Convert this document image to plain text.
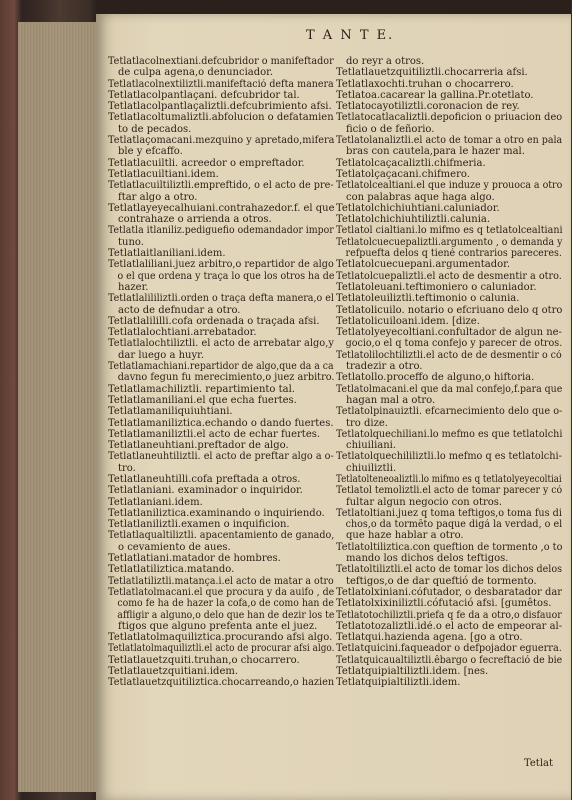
T A N T E.
Tetlatlacolnextiani.defcubridor o manifeftador
de culpa agena,o denunciador.
Tetlatlacolnextiliztli.manifeftació defta manera
Tetlatlacolpantlaçani. defcubridor tal.
Tetlatlacolpantlaçaliztli.defcubrimiento afsi.
Tetlatlacoltumaliztli.abfolucion o defatamien
to de pecados.
Tetlatlaçomacani.mezquino y apretado,mifera
ble y efcaffo.
Tetlatlacuiltli. acreedor o empreftador.
Tetlatlacuiltiani.idem.
Tetlatlacuiltiliztli.empreftido, o el acto de pre-
ftar algo a otro.
Tetlatlayeyecalhuiani.contrahazedor.f. el que
contrahaze o arrienda a otros.
Tetlatla itlaniliz.pediguefio odemandador impor
tuno.
Tetlatlaitlaniliani.idem.
Tetlatlaliliani.juez arbitro,o repartidor de algo
o el que ordena y traça lo que los otros ha de
hazer.
Tetlatlalililiztli.orden o traça defta manera,o el
acto de defnudar a otro.
Tetlatlalililli.cofa ordenada o traçada afsi.
Tetlatlalochtiani.arrebatador.
Tetlatlalochtiliztli. el acto de arrebatar algo,y
dar luego a huyr.
Tetlatlamachiani.repartidor de algo,que da a ca
davno fegun fu merecimiento,o juez arbitro.
Tetlatlamachiliztli. repartimiento tal.
Tetlatlamaniliani.el que echa fuertes.
Tetlatlamaniliquiuhtiani.
Tetlatlamaniliztica.echando o dando fuertes.
Tetlatlamaniliztli.el acto de echar fuertes.
Tetlatlaneuhtiani.preftador de algo.
Tetlatlaneuhtiliztli. el acto de preftar algo a o-
tro.
Tetlatlaneuhtilli.cofa preftada a otros.
Tetlatlaniani. examinador o inquiridor.
Tetlatlaniani.idem.
Tetlatlaniliztica.examinando o inquiriendo.
Tetlatlaniliztli.examen o inquificion.
Tetlatlaqualtiliztli. apacentamiento de ganado,
o cevamiento de aues.
Tetlatlatiani.matador de hombres.
Tetlatlatiliztica.matando.
Tetlatlatiliztli.matança.i.el acto de matar a otro
Tetlatlatolmacani.el que procura y da auifo , de
como fe ha de hazer la cofa,o de como han de
affligir a alguno,o delo que han de dezir los te
ftigos que alguno prefenta ante el juez.
Tetlatlatolmaquiliztica.procurando afsi algo.
Tetlatlatolmaquiliztli.el acto de procurar afsi algo.
Tetlatlauetzquiti.truhan,o chocarrero.
Tetlatlauetzquitiani.idem.
Tetlatlauetzquitiliztica.chocarreando,o hazien
do reyr a otros.
Tetlatlauetzquitiliztli.chocarreria afsi.
Tetlatlaxochti.truhan o chocarrero.
Tetlatoa.cacarear la gallina.Pr.otetlato.
Tetlatocayotiliztli.coronacion de rey.
Tetlatocatlacaliztli.depoficion o priuacion deo
ficio o de feñorio.
Tetlatolanaliztli.el acto de tomar a otro en pala
bras con cautela,para le hazer mal.
Tetlatolcaçacaliztli.chifmeria.
Tetlatolçaçacani.chifmero.
Tetlatolcealtiani.el que induze y prouoca a otro
con palabras aque haga algo.
Tetlatolchichiuhtiani.caluniador.
Tetlatolchichiuhtiliztli.calunia.
Tetlatol cialtiani.lo mifmo es q tetlatolcealtiani
Tetlatolcuecuepaliztli.argumento , o demanda y
refpuefta delos q tiené contrarios pareceres.
Tetlatolcuecuepani.argumentador.
Tetlatolcuepaliztli.el acto de desmentir a otro.
Tetlatoleuani.teftimoniero o caluniador.
Tetlatoleuiliztli.teftimonio o calunia.
Tetlatolicuilo. notario o efcriuano delo q otro
Tetlatolicuiloani.idem. [dize.
Tetlatolyeyecoltiani.confultador de algun ne-
gocio,o el q toma confejo y parecer de otros.
Tetlatolilochtiliztli.el acto de de desmentir o có
tradezir a otro.
Tetlatollo.proceffo de alguno,o hiftoria.
Tetlatolmacani.el que da mal confejo,f.para que
hagan mal a otro.
Tetlatolpinauiztli. efcarnecimiento delo que o-
tro dize.
Tetlatolquechiliani.lo mefmo es que tetlatolchi
chiuiliani.
Tetlatolquechililiztli.lo mefmo q es tetlatolchi-
chiuiliztli.
Tetlatolteneoaliztli.lo mifmo es q tetlatolyeyecoltiai
Tetlatol temoliztli.el acto de tomar parecer y có
fultar algun negocio con otros.
Tetlatoltiani.juez q toma teftigos,o toma fus di
chos,o da tormêto paque digá la verdad, o el
que haze hablar a otro.
Tetlatoltiliztica.con queftion de tormento ,o to
mando los dichos delos teftigos.
Tetlatoltiliztli.el acto de tomar los dichos delos
teftigos,o de dar queftió de tormento.
Tetlatolxiniani.cófutador, o desbaratador dar
Tetlatolxixiniliztli.cófutació afsi. [gumêtos.
Tetlatotochiliztli.priefa q fe da a otro,o disfauor
Tetlatotozaliztli.idé.o el acto de empeorar al-
Tetlatqui.hazienda agena. [go a otro.
Tetlatquicini.faqueador o defpojador eguerra.
Tetlatquicaualtiliztli.êbargo o fecreftació de bie
Tetlatquipialtiliztli.idem. [nes.
Tetlatquipialtiliztli.idem.
Tetlat
